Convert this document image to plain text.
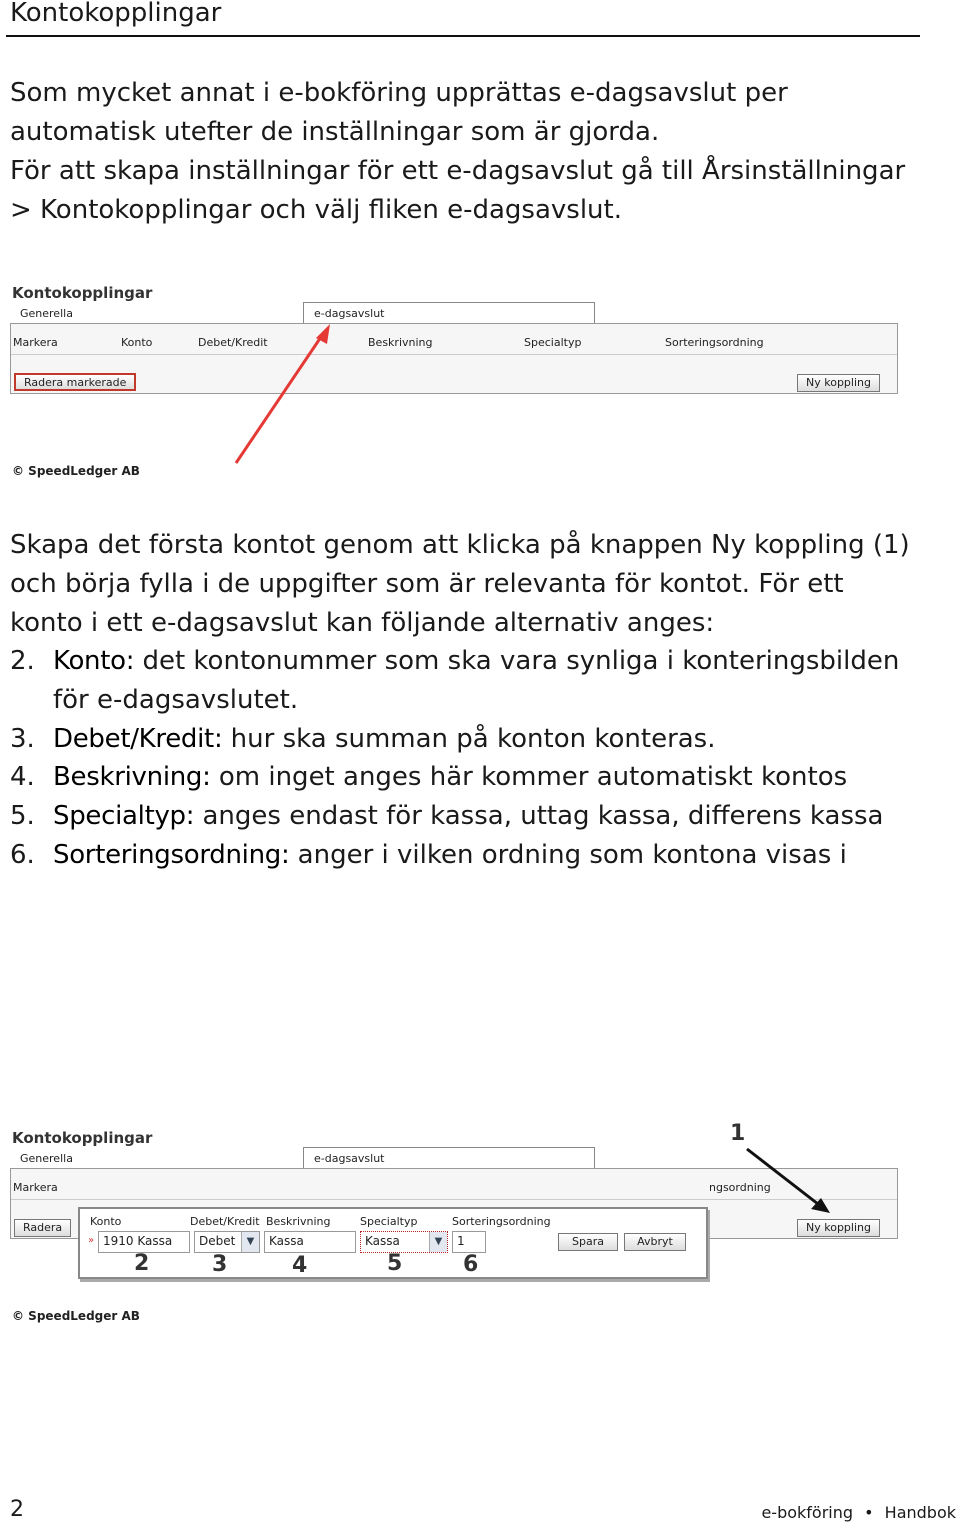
Kontokopplingar
Som mycket annat i e-bokföring upprättas e-dagsavslut per
automatisk utefter de inställningar som är gjorda.
För att skapa inställningar för ett e-dagsavslut gå till Årsinställningar
> Kontokopplingar och välj fliken e-dagsavslut.
Kontokopplingar
Generella	e-dagsavslut
Markera	Konto	Debet/Kredit	Beskrivning	Specialtyp	Sorteringsordning
Radera markerade	Ny koppling
© SpeedLedger AB
Skapa det första kontot genom att klicka på knappen Ny koppling (1)
och börja fylla i de uppgifter som är relevanta för kontot. För ett
konto i ett e-dagsavslut kan följande alternativ anges:
2. Konto: det kontonummer som ska vara synliga i konteringsbilden
för e-dagsavslutet.
3. Debet/Kredit: hur ska summan på konton konteras.
4. Beskrivning: om inget anges här kommer automatiskt kontos
5. Specialtyp: anges endast för kassa, uttag kassa, differens kassa
6. Sorteringsordning: anger i vilken ordning som kontona visas i
Kontokopplingar
Generella	e-dagsavslut
Markera	ngsordning
Radera	Ny koppling
»
Konto	Debet/Kredit Beskrivning	Specialtyp	Sorteringsordning
1910 Kassa	Debet	▼	Kassa	Kassa	▼	1	Spara	Avbryt
1
2	3	4	5	6
© SpeedLedger AB
2	e-bokföring • Handbok
